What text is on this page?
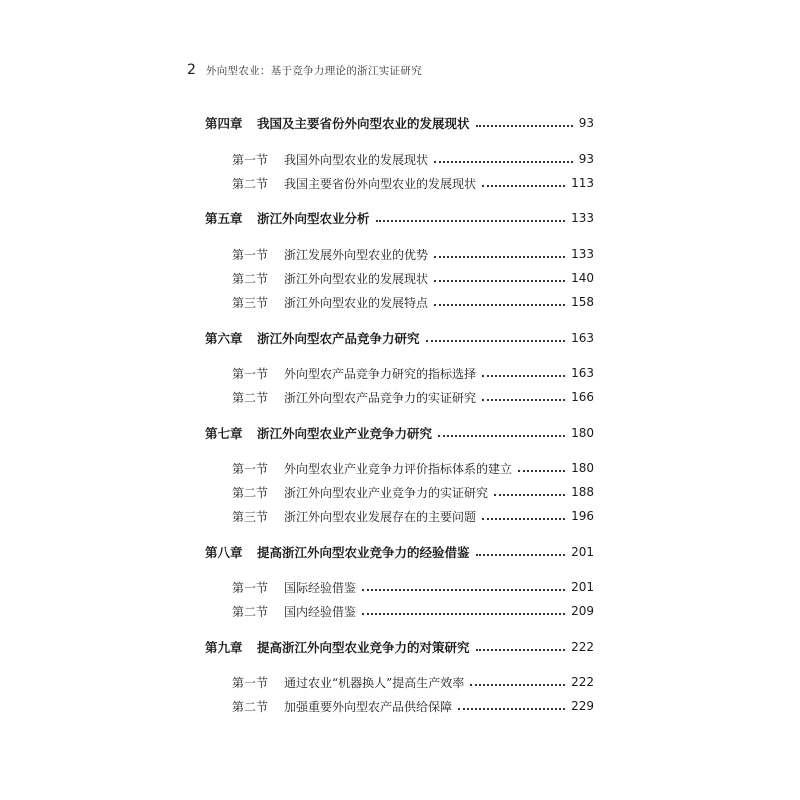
2 外向型农业：基于竞争力理论的浙江实证研究
第四章	我国及主要省份外向型农业的发展现状	93
第一节	我国外向型农业的发展现状	93
第二节	我国主要省份外向型农业的发展现状	113
第五章	浙江外向型农业分析	133
第一节	浙江发展外向型农业的优势	133
第二节	浙江外向型农业的发展现状	140
第三节	浙江外向型农业的发展特点	158
第六章	浙江外向型农产品竞争力研究	163
第一节	外向型农产品竞争力研究的指标选择	163
第二节	浙江外向型农产品竞争力的实证研究	166
第七章	浙江外向型农业产业竞争力研究	180
第一节	外向型农业产业竞争力评价指标体系的建立	180
第二节	浙江外向型农业产业竞争力的实证研究	188
第三节	浙江外向型农业发展存在的主要问题	196
第八章	提高浙江外向型农业竞争力的经验借鉴	201
第一节	国际经验借鉴	201
第二节	国内经验借鉴	209
第九章	提高浙江外向型农业竞争力的对策研究	222
第一节	通过农业“机器换人”提高生产效率	222
第二节	加强重要外向型农产品供给保障	229
